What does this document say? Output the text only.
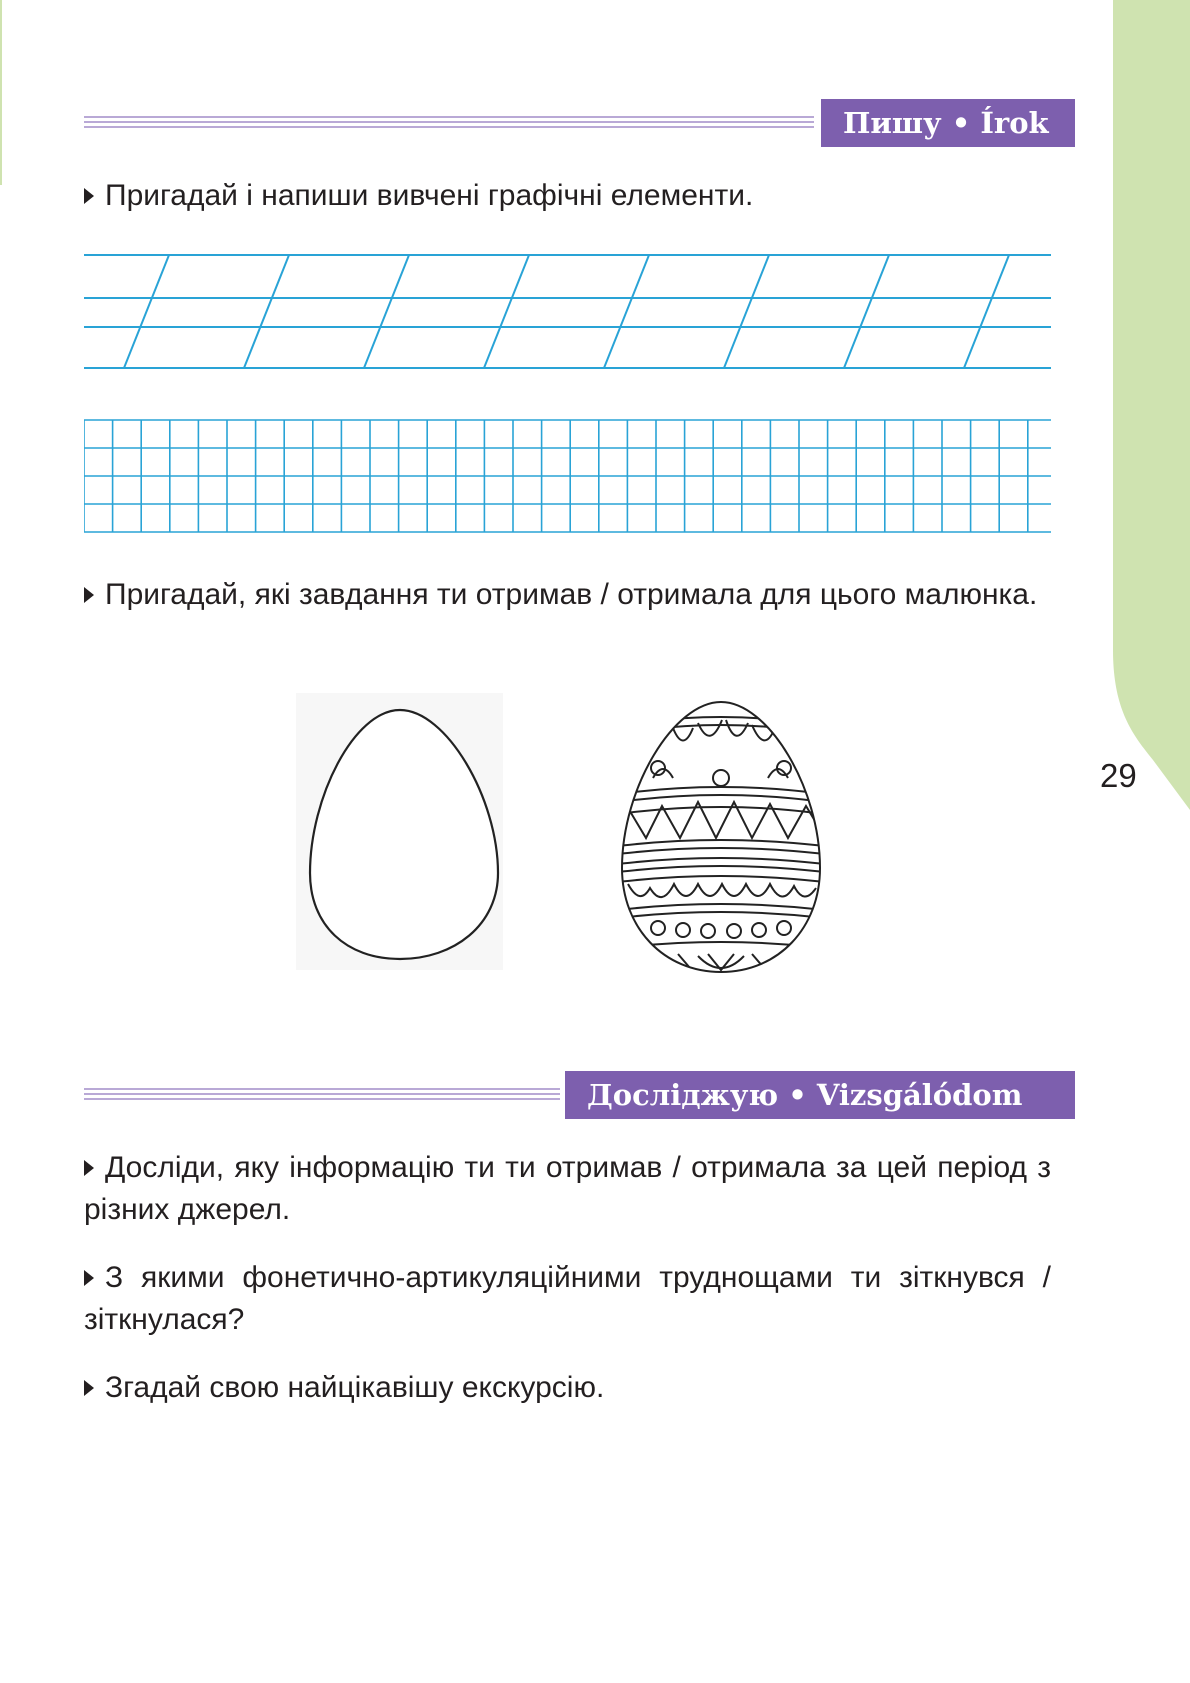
29
Пишу • Írok
Пригадай і напиши вивчені графічні елементи.
Пригадай, які завдання ти отримав / отримала для цього малюнка.
Досліджую • Vizsgálódom
Досліди, яку інформацію ти ти отримав / отримала за цей період з різних джерел.
З якими фонетично-артикуляційними труднощами ти зіткнувся / зіткнулася?
Згадай свою найцікавішу екскурсію.
